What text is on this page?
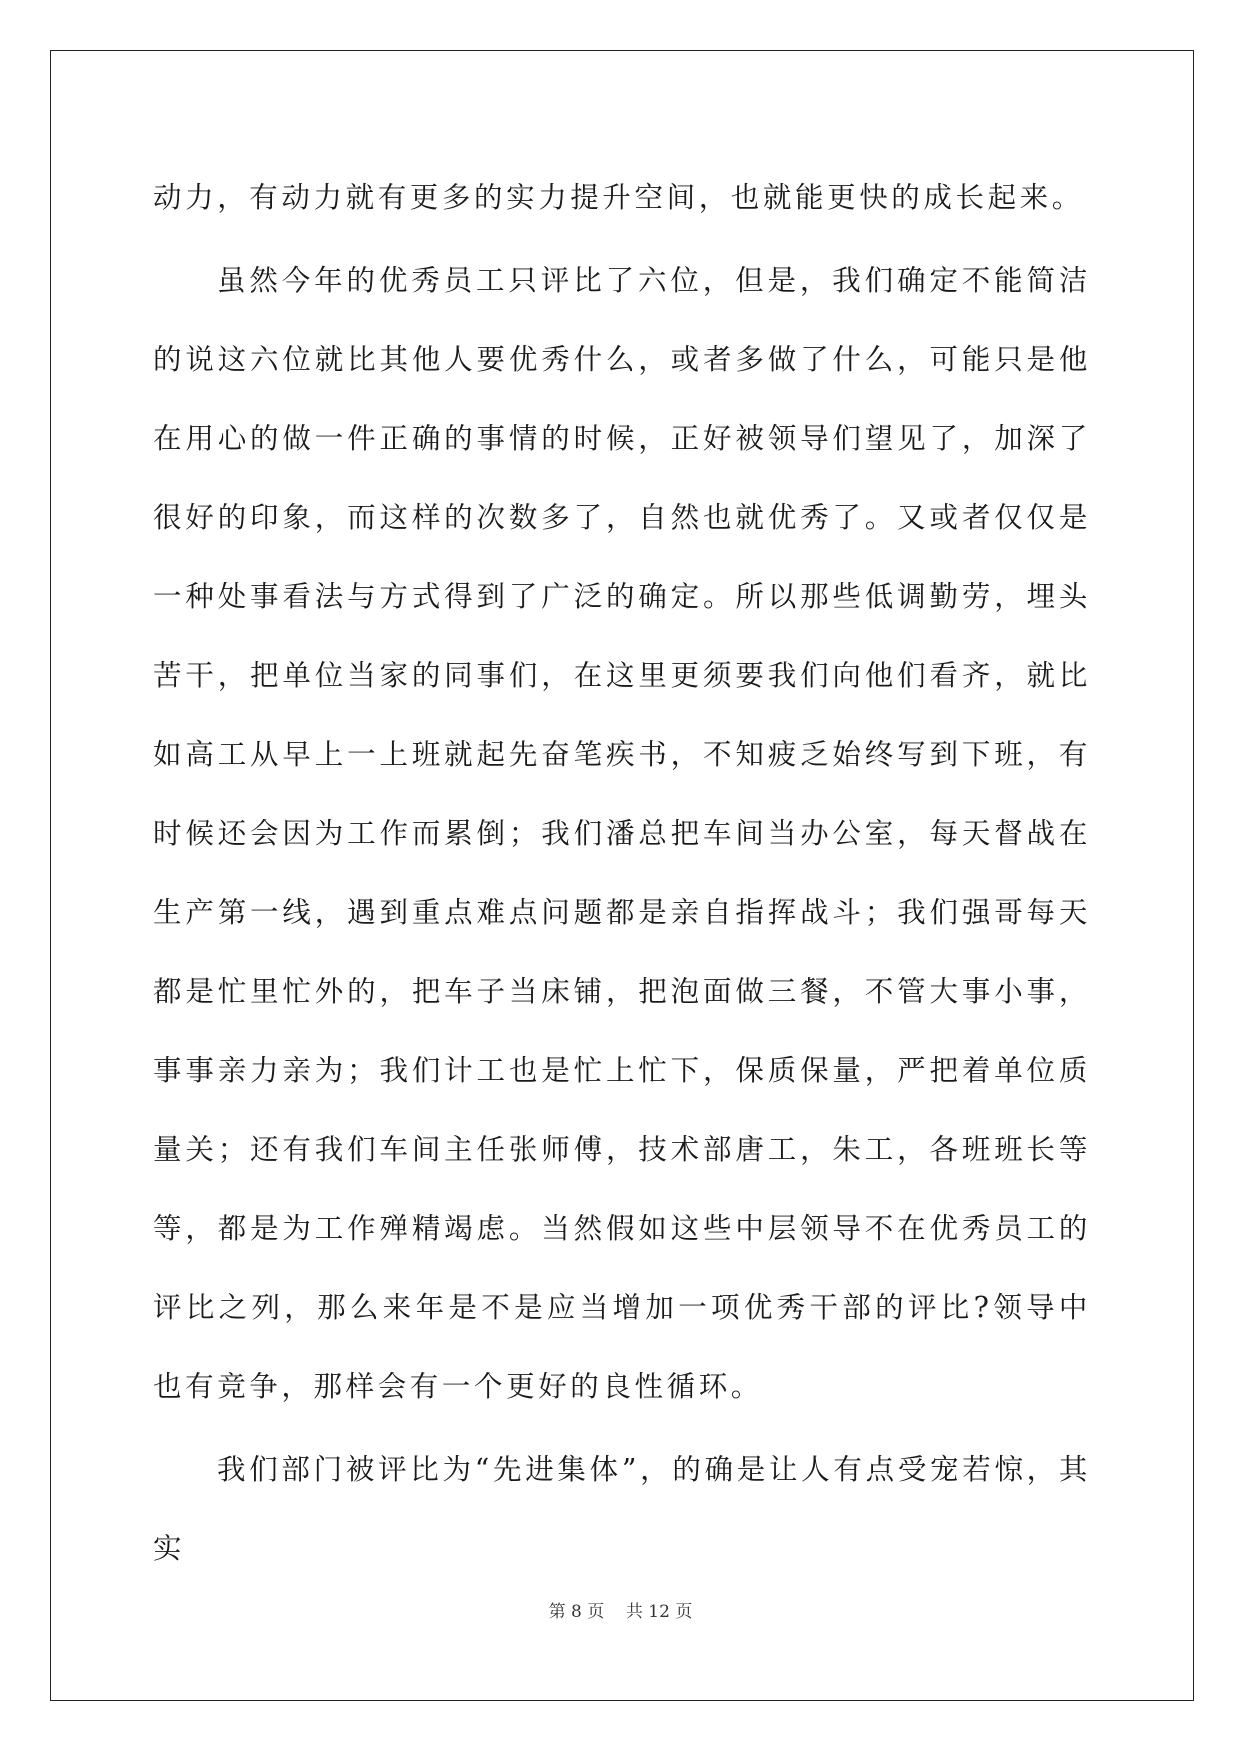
动力，有动力就有更多的实力提升空间，也就能更快的成长起来。

虽然今年的优秀员工只评比了六位，但是，我们确定不能简洁的说这六位就比其他人要优秀什么，或者多做了什么，可能只是他在用心的做一件正确的事情的时候，正好被领导们望见了，加深了很好的印象，而这样的次数多了，自然也就优秀了。又或者仅仅是一种处事看法与方式得到了广泛的确定。所以那些低调勤劳，埋头苦干，把单位当家的同事们，在这里更须要我们向他们看齐，就比如高工从早上一上班就起先奋笔疾书，不知疲乏始终写到下班，有时候还会因为工作而累倒；我们潘总把车间当办公室，每天督战在生产第一线，遇到重点难点问题都是亲自指挥战斗；我们强哥每天都是忙里忙外的，把车子当床铺，把泡面做三餐，不管大事小事，事事亲力亲为；我们计工也是忙上忙下，保质保量，严把着单位质量关；还有我们车间主任张师傅，技术部唐工，朱工，各班班长等等，都是为工作殚精竭虑。当然假如这些中层领导不在优秀员工的评比之列，那么来年是不是应当增加一项优秀干部的评比?领导中也有竞争，那样会有一个更好的良性循环。

我们部门被评比为“先进集体”，的确是让人有点受宠若惊，其实

第 8 页    共 12 页
